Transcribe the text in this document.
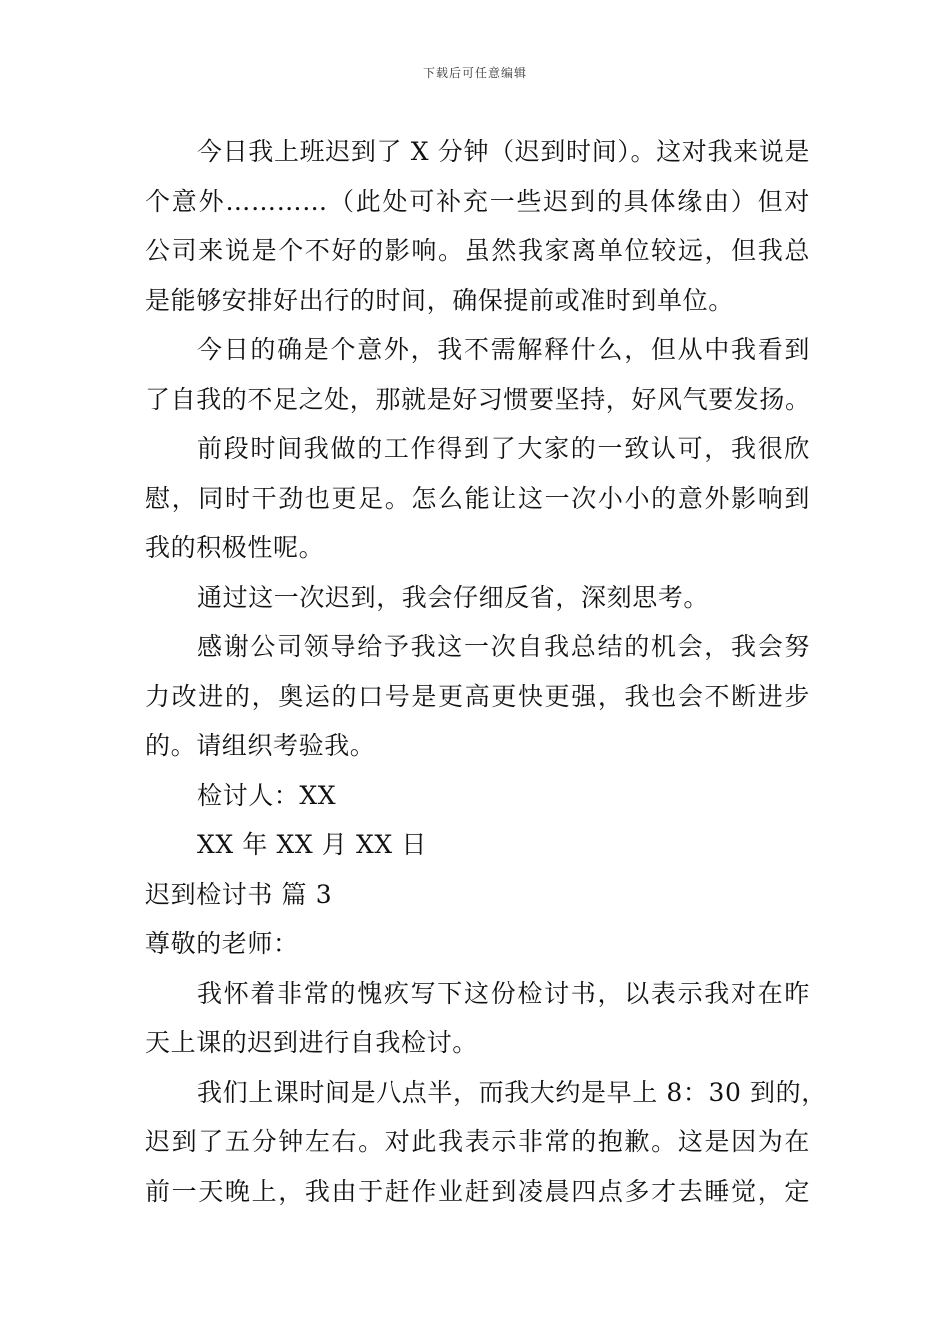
下载后可任意编辑
今日我上班迟到了 X 分钟（迟到时间）。这对我来说是
个意外…………（此处可补充一些迟到的具体缘由）但对
公司来说是个不好的影响。虽然我家离单位较远，但我总
是能够安排好出行的时间，确保提前或准时到单位。
今日的确是个意外，我不需解释什么，但从中我看到
了自我的不足之处，那就是好习惯要坚持，好风气要发扬。
前段时间我做的工作得到了大家的一致认可，我很欣
慰，同时干劲也更足。怎么能让这一次小小的意外影响到
我的积极性呢。
通过这一次迟到，我会仔细反省，深刻思考。
感谢公司领导给予我这一次自我总结的机会，我会努
力改进的，奥运的口号是更高更快更强，我也会不断进步
的。请组织考验我。
检讨人：XX
XX 年 XX 月 XX 日
迟到检讨书 篇 3
尊敬的老师：
我怀着非常的愧疚写下这份检讨书，以表示我对在昨
天上课的迟到进行自我检讨。
我们上课时间是八点半，而我大约是早上 8：30 到的，
迟到了五分钟左右。对此我表示非常的抱歉。这是因为在
前一天晚上，我由于赶作业赶到凌晨四点多才去睡觉，定
